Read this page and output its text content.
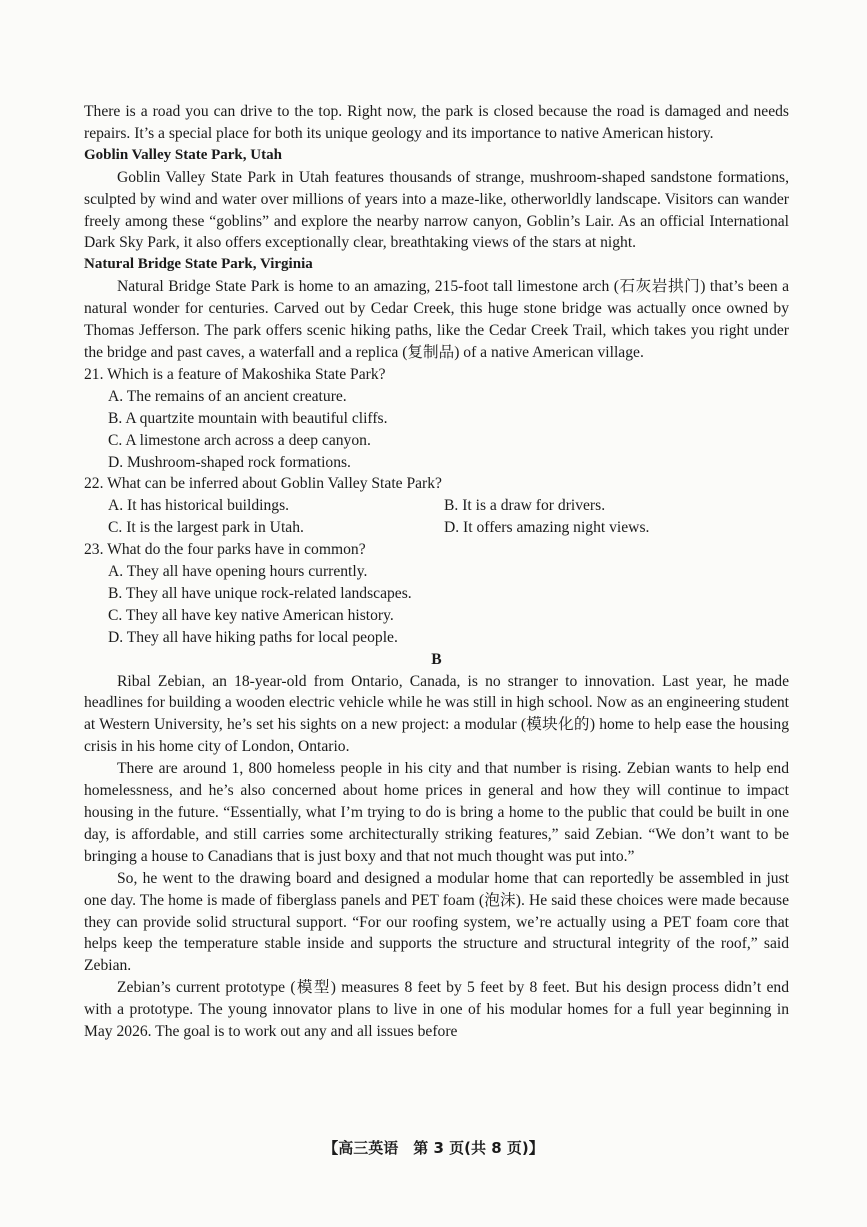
There is a road you can drive to the top. Right now, the park is closed because the road is damaged and needs repairs. It’s a special place for both its unique geology and its importance to native American history.

Goblin Valley State Park, Utah

Goblin Valley State Park in Utah features thousands of strange, mushroom-shaped sandstone formations, sculpted by wind and water over millions of years into a maze-like, otherworldly landscape. Visitors can wander freely among these “goblins” and explore the nearby narrow canyon, Goblin’s Lair. As an official International Dark Sky Park, it also offers exceptionally clear, breathtaking views of the stars at night.

Natural Bridge State Park, Virginia

Natural Bridge State Park is home to an amazing, 215-foot tall limestone arch (石灰岩拱门) that’s been a natural wonder for centuries. Carved out by Cedar Creek, this huge stone bridge was actually once owned by Thomas Jefferson. The park offers scenic hiking paths, like the Cedar Creek Trail, which takes you right under the bridge and past caves, a waterfall and a replica (复制品) of a native American village.

21. Which is a feature of Makoshika State Park?

A. The remains of an ancient creature.

B. A quartzite mountain with beautiful cliffs.

C. A limestone arch across a deep canyon.

D. Mushroom-shaped rock formations.

22. What can be inferred about Goblin Valley State Park?

A. It has historical buildings.	B. It is a draw for drivers.
C. It is the largest park in Utah.	D. It offers amazing night views.

23. What do the four parks have in common?

A. They all have opening hours currently.

B. They all have unique rock-related landscapes.

C. They all have key native American history.

D. They all have hiking paths for local people.

B

Ribal Zebian, an 18-year-old from Ontario, Canada, is no stranger to innovation. Last year, he made headlines for building a wooden electric vehicle while he was still in high school. Now as an engineering student at Western University, he’s set his sights on a new project: a modular (模块化的) home to help ease the housing crisis in his home city of London, Ontario.

There are around 1, 800 homeless people in his city and that number is rising. Zebian wants to help end homelessness, and he’s also concerned about home prices in general and how they will continue to impact housing in the future. “Essentially, what I’m trying to do is bring a home to the public that could be built in one day, is affordable, and still carries some architecturally striking features,” said Zebian. “We don’t want to be bringing a house to Canadians that is just boxy and that not much thought was put into.”

So, he went to the drawing board and designed a modular home that can reportedly be assembled in just one day. The home is made of fiberglass panels and PET foam (泡沫). He said these choices were made because they can provide solid structural support. “For our roofing system, we’re actually using a PET foam core that helps keep the temperature stable inside and supports the structure and structural integrity of the roof,” said Zebian.

Zebian’s current prototype (模型) measures 8 feet by 5 feet by 8 feet. But his design process didn’t end with a prototype. The young innovator plans to live in one of his modular homes for a full year beginning in May 2026. The goal is to work out any and all issues before

【高三英语　第 3 页(共 8 页)】
